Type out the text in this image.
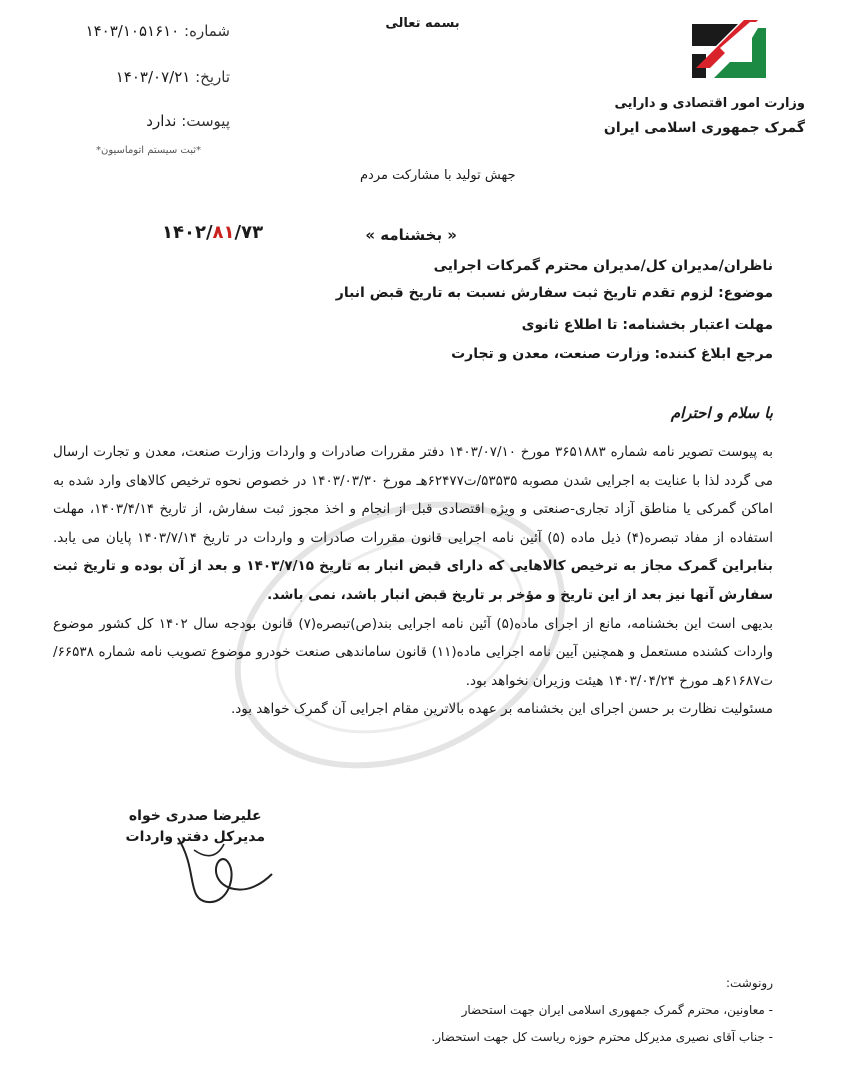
وزارت امور اقتصادی و دارایی
گمرک جمهوری اسلامی ایران
بسمه تعالی
شماره: ۱۴۰۳/۱۰۵۱۶۱۰
تاریخ: ۱۴۰۳/۰۷/۲۱
پیوست: ندارد
*ثبت سیستم اتوماسیون*
جهش تولید با مشارکت مردم
« بخشنامه »
۱۴۰۲/۸۱/۷۳
ناظران/مدیران کل/مدیران محترم گمرکات اجرایی
موضوع: لزوم تقدم تاریخ ثبت سفارش نسبت به تاریخ قبض انبار
مهلت اعتبار بخشنامه: تا اطلاع ثانوی
مرجع ابلاغ کننده: وزارت صنعت، معدن و تجارت
با سلام و احترام

به پیوست تصویر نامه شماره ۳۶۵۱۸۸۳ مورخ ۱۴۰۳/۰۷/۱۰ دفتر مقررات صادرات و واردات وزارت صنعت، معدن و تجارت ارسال می گردد لذا با عنایت به اجرایی شدن مصوبه ۵۳۵۳۵/ت۶۲۴۷۷هـ مورخ ۱۴۰۳/۰۳/۳۰ در خصوص نحوه ترخیص کالاهای وارد شده به اماکن گمرکی یا مناطق آزاد تجاری-صنعتی و ویژه اقتصادی قبل از انجام و اخذ مجوز ثبت سفارش، از تاریخ ۱۴۰۳/۴/۱۴، مهلت استفاده از مفاد تبصره(۴) ذیل ماده (۵) آئین نامه اجرایی قانون مقررات صادرات و واردات در تاریخ ۱۴۰۳/۷/۱۴ پایان می یابد. بنابراین گمرک مجاز به ترخیص کالاهایی که دارای قبض انبار به تاریخ ۱۴۰۳/۷/۱۵ و بعد از آن بوده و تاریخ ثبت سفارش آنها نیز بعد از این تاریخ و مؤخر بر تاریخ قبض انبار باشد، نمی باشد.

بدیهی است این بخشنامه، مانع از اجرای ماده(۵) آئین نامه اجرایی بند(ص)تبصره(۷) قانون بودجه سال ۱۴۰۲ کل کشور موضوع واردات کشنده مستعمل و همچنین آیین نامه اجرایی ماده(۱۱) قانون ساماندهی صنعت خودرو موضوع تصویب نامه شماره ۶۶۵۳۸/ت۶۱۶۸۷هـ مورخ ۱۴۰۳/۰۴/۲۴ هیئت وزیران نخواهد بود.

مسئولیت نظارت بر حسن اجرای این بخشنامه بر عهده بالاترین مقام اجرایی آن گمرک خواهد بود.

علیرضا صدری خواه
مدیرکل دفتر واردات
رونوشت:
- معاونین، محترم گمرک جمهوری اسلامی ایران جهت استحضار
- جناب آقای نصیری مدیرکل محترم حوزه ریاست کل جهت استحضار.
